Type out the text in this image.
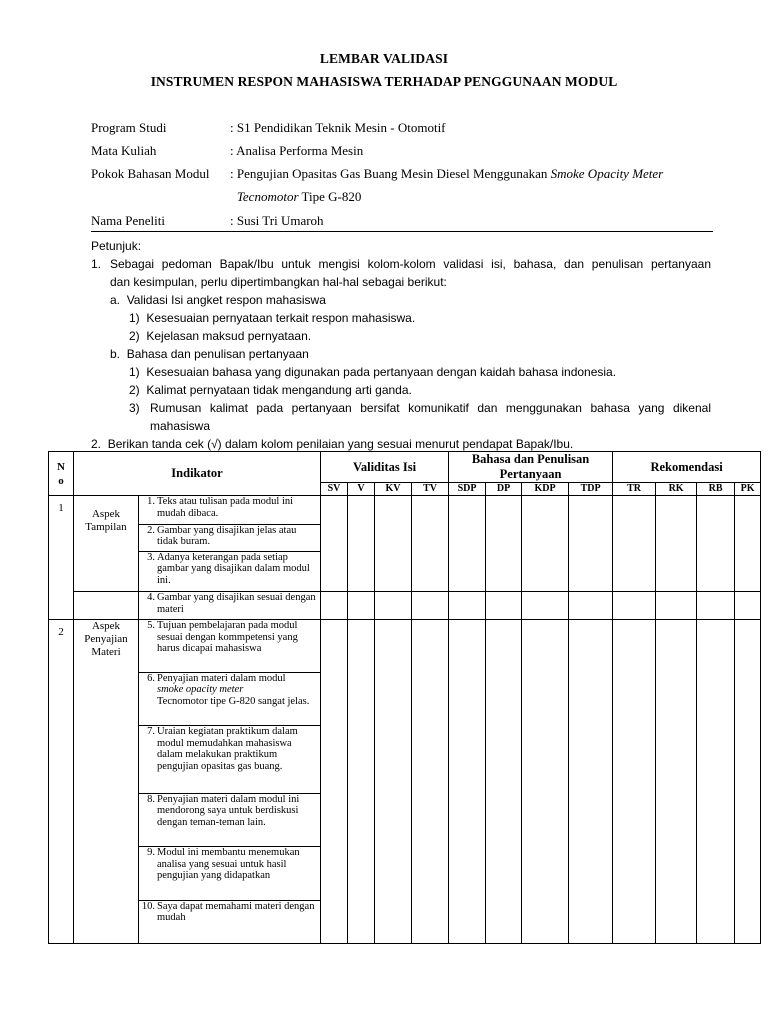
LEMBAR VALIDASI
INSTRUMEN RESPON MAHASISWA TERHADAP PENGGUNAAN MODUL
Program Studi	: S1 Pendidikan Teknik Mesin - Otomotif
Mata Kuliah	: Analisa Performa Mesin
Pokok Bahasan Modul : Pengujian Opasitas Gas Buang Mesin Diesel Menggunakan Smoke Opacity Meter
Tecnomotor Tipe G-820
Nama Peneliti	: Susi Tri Umaroh
Petunjuk:
1. Sebagai pedoman Bapak/Ibu untuk mengisi kolom-kolom validasi isi, bahasa, dan penulisan pertanyaan
dan kesimpulan, perlu dipertimbangkan hal-hal sebagai berikut:
a. Validasi Isi angket respon mahasiswa
1) Kesesuaian pernyataan terkait respon mahasiswa.
2) Kejelasan maksud pernyataan.
b. Bahasa dan penulisan pertanyaan
1) Kesesuaian bahasa yang digunakan pada pertanyaan dengan kaidah bahasa indonesia.
2) Kalimat pernyataan tidak mengandung arti ganda.
3) Rumusan kalimat pada pertanyaan bersifat komunikatif dan menggunakan bahasa yang dikenal
mahasiswa
2. Berikan tanda cek (√) dalam kolom penilaian yang sesuai menurut pendapat Bapak/Ibu.
N
o	Indikator		Validitas Isi				Bahasa dan Penulisan Pertanyaan				Rekomendasi			
			SV	V	KV	TV	SDP	DP	KDP	TDP	TR	RK	RB	PK
1	Aspek
Tampilan	1. Teks atau tulisan pada modul ini mudah dibaca.												
		2. Gambar yang disajikan jelas atau tidak buram.												
		3. Adanya keterangan pada setiap gambar yang disajikan dalam modul ini.												
		4. Gambar yang disajikan sesuai dengan materi												
2	Aspek
Penyajian
Materi	5. Tujuan pembelajaran pada modul sesuai dengan kommpetensi yang harus dicapai mahasiswa												
		6. Penyajian materi dalam modul
smoke opacity meter
Tecnomotor tipe G-820 sangat jelas.												
		7. Uraian kegiatan praktikum dalam modul memudahkan mahasiswa dalam melakukan praktikum pengujian opasitas gas buang.												
		8. Penyajian materi dalam modul ini mendorong saya untuk berdiskusi dengan teman-teman lain.												
		9. Modul ini membantu menemukan analisa yang sesuai untuk hasil pengujian yang didapatkan												
		10. Saya dapat memahami materi dengan mudah												
